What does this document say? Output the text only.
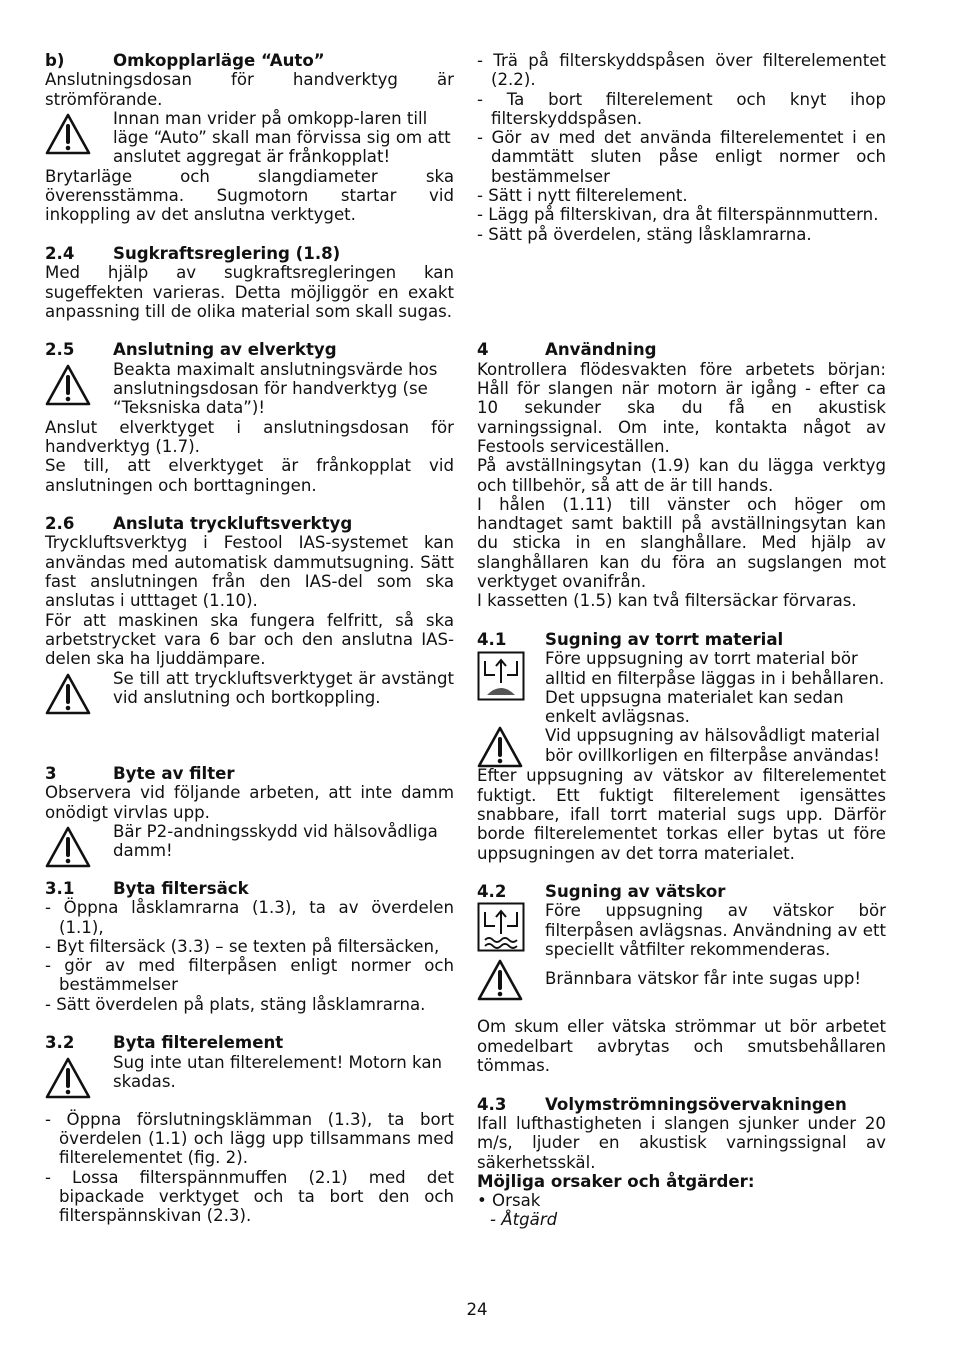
b)	Omkopplarläge “Auto”

Anslutningsdosan för handverktyg är strömförande.

Innan man vrider på omkopp-laren till läge “Auto” skall man förvissa sig om att anslutet aggregat är frånkopplat!

Brytarläge och slangdiameter ska överensstämma. Sugmotorn startar vid inkoppling av det anslutna verktyget.

2.4 Sugkraftsreglering (1.8)

Med hjälp av sugkraftsregleringen kan sugeffekten varieras. Detta möjliggör en exakt anpassning till de olika material som skall sugas.

2.5 Anslutning av elverktyg

Beakta maximalt anslutningsvärde hos anslutningsdosan för handverktyg (se “Teksniska data”)!

Anslut elverktyget i anslutningsdosan för handverktyg (1.7).

Se till, att elverktyget är frånkopplat vid anslutningen och borttagningen.

2.6 Ansluta tryckluftsverktyg

Tryckluftsverktyg i Festool IAS-systemet kan användas med automatisk dammutsugning. Sätt fast anslutningen från den IAS-del som ska anslutas i utttaget (1.10).

För att maskinen ska fungera felfritt, så ska arbetstrycket vara 6 bar och den anslutna IAS-delen ska ha ljuddämpare.

Se till att tryckluftsverktyget är avstängt vid anslutning och bortkoppling.

3	Byte av filter

Observera vid följande arbeten, att inte damm onödigt virvlas upp.

Bär P2-andningsskydd vid hälsovådliga damm!

3.1 Byta filtersäck

- Öppna låsklamrarna (1.3), ta av överdelen (1.1),

- Byt filtersäck (3.3) – se texten på filtersäcken,

- gör av med filterpåsen enligt normer och bestämmelser

- Sätt överdelen på plats, stäng låsklamrarna.

3.2 Byta filterelement

Sug inte utan filterelement! Motorn kan skadas.

- Öppna förslutningsklämman (1.3), ta bort överdelen (1.1) och lägg upp tillsammans med filterelementet (fig. 2).

- Lossa filterspännmuffen (2.1) med det bipackade verktyget och ta bort den och filterspännskivan (2.3).

- Trä på filterskyddspåsen över filterelementet (2.2).

- Ta bort filterelement och knyt ihop filterskyddspåsen.

- Gör av med det använda filterelementet i en dammtätt sluten påse enligt normer och bestämmelser

- Sätt i nytt filterelement.

- Lägg på filterskivan, dra åt filterspännmuttern.

- Sätt på överdelen, stäng låsklamrarna.

4	Användning

Kontrollera flödesvakten före arbetets början: Håll för slangen när motorn är igång - efter ca 10 sekunder ska du få en akustisk varningssignal. Om inte, kontakta något av Festools serviceställen.

På avställningsytan (1.9) kan du lägga verktyg och tillbehör, så att de är till hands.

I hålen (1.11) till vänster och höger om handtaget samt baktill på avställningsytan kan du sticka in en slanghållare. Med hjälp av slanghållaren kan du föra an sugslangen mot verktyget ovanifrån.

I kassetten (1.5) kan två filtersäckar förvaras.

4.1 Sugning av torrt material

Före uppsugning av torrt material bör alltid en filterpåse läggas in i behållaren. Det uppsugna materialet kan sedan enkelt avlägsnas.

Vid uppsugning av hälsovådligt material bör ovillkorligen en filterpåse användas!

Efter uppsugning av vätskor av filterelementet fuktigt. Ett fuktigt filterelement igensättes snabbare, ifall torrt material sugs upp. Därför borde filterelementet torkas eller bytas ut före uppsugningen av det torra materialet.

4.2 Sugning av vätskor

Före uppsugning av vätskor bör filterpåsen avlägsnas. Användning av ett speciellt våtfilter rekommenderas.

Brännbara vätskor får inte sugas upp!

Om skum eller vätska strömmar ut bör arbetet omedelbart avbrytas och smutsbehållaren tömmas.

4.3 Volymströmningsövervakningen

Ifall lufthastigheten i slangen sjunker under 20 m/s, ljuder en akustisk varningssignal av säkerhetsskäl.

Möjliga orsaker och åtgärder:

• Orsak

- Åtgärd

24
